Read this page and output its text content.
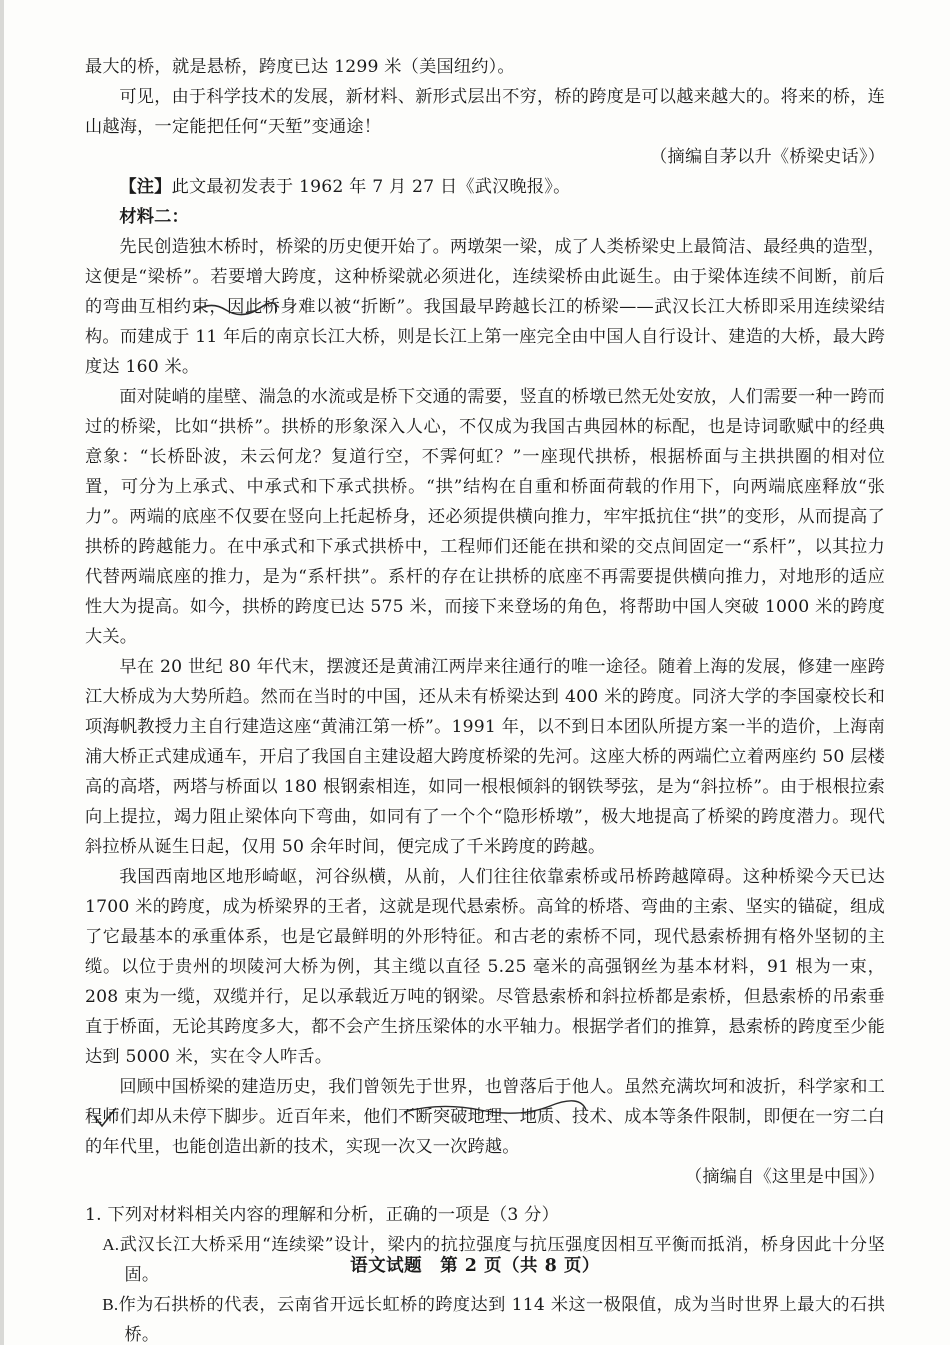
最大的桥，就是悬桥，跨度已达 1299 米（美国纽约）。

可见，由于科学技术的发展，新材料、新形式层出不穷，桥的跨度是可以越来越大的。将来的桥，连山越海，一定能把任何“天堑”变通途！

（摘编自茅以升《桥梁史话》）

【注】此文最初发表于 1962 年 7 月 27 日《武汉晚报》。

材料二：

先民创造独木桥时，桥梁的历史便开始了。两墩架一梁，成了人类桥梁史上最简洁、最经典的造型，这便是“梁桥”。若要增大跨度，这种桥梁就必须进化，连续梁桥由此诞生。由于梁体连续不间断，前后的弯曲互相约束，因此桥身难以被“折断”。我国最早跨越长江的桥梁——武汉长江大桥即采用连续梁结构。而建成于 11 年后的南京长江大桥，则是长江上第一座完全由中国人自行设计、建造的大桥，最大跨度达 160 米。

面对陡峭的崖壁、湍急的水流或是桥下交通的需要，竖直的桥墩已然无处安放，人们需要一种一跨而过的桥梁，比如“拱桥”。拱桥的形象深入人心，不仅成为我国古典园林的标配，也是诗词歌赋中的经典意象：“长桥卧波，未云何龙？复道行空，不霁何虹？”一座现代拱桥，根据桥面与主拱拱圈的相对位置，可分为上承式、中承式和下承式拱桥。“拱”结构在自重和桥面荷载的作用下，向两端底座释放“张力”。两端的底座不仅要在竖向上托起桥身，还必须提供横向推力，牢牢抵抗住“拱”的变形，从而提高了拱桥的跨越能力。在中承式和下承式拱桥中，工程师们还能在拱和梁的交点间固定一“系杆”，以其拉力代替两端底座的推力，是为“系杆拱”。系杆的存在让拱桥的底座不再需要提供横向推力，对地形的适应性大为提高。如今，拱桥的跨度已达 575 米，而接下来登场的角色，将帮助中国人突破 1000 米的跨度大关。

早在 20 世纪 80 年代末，摆渡还是黄浦江两岸来往通行的唯一途径。随着上海的发展，修建一座跨江大桥成为大势所趋。然而在当时的中国，还从未有桥梁达到 400 米的跨度。同济大学的李国豪校长和项海帆教授力主自行建造这座“黄浦江第一桥”。1991 年，以不到日本团队所提方案一半的造价，上海南浦大桥正式建成通车，开启了我国自主建设超大跨度桥梁的先河。这座大桥的两端伫立着两座约 50 层楼高的高塔，两塔与桥面以 180 根钢索相连，如同一根根倾斜的钢铁琴弦，是为“斜拉桥”。由于根根拉索向上提拉，竭力阻止梁体向下弯曲，如同有了一个个“隐形桥墩”，极大地提高了桥梁的跨度潜力。现代斜拉桥从诞生日起，仅用 50 余年时间，便完成了千米跨度的跨越。

我国西南地区地形崎岖，河谷纵横，从前，人们往往依靠索桥或吊桥跨越障碍。这种桥梁今天已达 1700 米的跨度，成为桥梁界的王者，这就是现代悬索桥。高耸的桥塔、弯曲的主索、坚实的锚碇，组成了它最基本的承重体系，也是它最鲜明的外形特征。和古老的索桥不同，现代悬索桥拥有格外坚韧的主缆。以位于贵州的坝陵河大桥为例，其主缆以直径 5.25 毫米的高强钢丝为基本材料，91 根为一束，208 束为一缆，双缆并行，足以承载近万吨的钢梁。尽管悬索桥和斜拉桥都是索桥，但悬索桥的吊索垂直于桥面，无论其跨度多大，都不会产生挤压梁体的水平轴力。根据学者们的推算，悬索桥的跨度至少能达到 5000 米，实在令人咋舌。

回顾中国桥梁的建造历史，我们曾领先于世界，也曾落后于他人。虽然充满坎坷和波折，科学家和工程师们却从未停下脚步。近百年来，他们不断突破地理、地质、技术、成本等条件限制，即便在一穷二白的年代里，也能创造出新的技术，实现一次又一次跨越。

（摘编自《这里是中国》）

1. 下列对材料相关内容的理解和分析，正确的一项是（3 分）

A.武汉长江大桥采用“连续梁”设计，梁内的抗拉强度与抗压强度因相互平衡而抵消，桥身因此十分坚固。

B.作为石拱桥的代表，云南省开远长虹桥的跨度达到 114 米这一极限值，成为当时世界上最大的石拱桥。

语文试题　第 2 页（共 8 页）
